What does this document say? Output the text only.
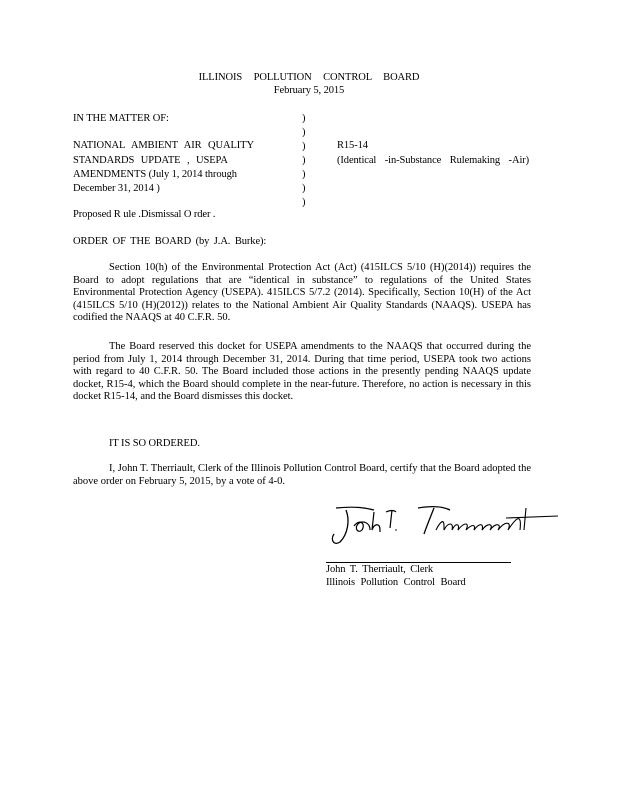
ILLINOIS POLLUTION CONTROL BOARD
February 5, 2015
IN THE MATTER OF:
NATIONAL AMBIENT AIR QUALITY
STANDARDS UPDATE , USEPA
AMENDMENTS (July 1, 2014 through
December 31, 2014 )
)
)
)
)
)
)
)
R15-14
(Identical -in-Substance Rulemaking -Air)
Proposed R ule .Dismissal O rder .
ORDER OF THE BOARD (by J.A. Burke):

Section 10(h) of the Environmental Protection Act (Act) (415ILCS 5/10 (H)(2014)) requires the Board to adopt regulations that are “identical in substance” to regulations of the United States Environmental Protection Agency (USEPA). 415ILCS 5/7.2 (2014). Specifically, Section 10(H) of the Act (415ILCS 5/10 (H)(2012)) relates to the National Ambient Air Quality Standards (NAAQS). USEPA has codified the NAAQS at 40 C.F.R. 50.

The Board reserved this docket for USEPA amendments to the NAAQS that occurred during the period from July 1, 2014 through December 31, 2014. During that time period, USEPA took two actions with regard to 40 C.F.R. 50. The Board included those actions in the presently pending NAAQS update docket, R15-4, which the Board should complete in the near-future. Therefore, no action is necessary in this docket R15-14, and the Board dismisses this docket.

IT IS SO ORDERED.

I, John T. Therriault, Clerk of the Illinois Pollution Control Board, certify that the Board adopted the above order on February 5, 2015, by a vote of 4-0.

John T. Therriault, Clerk
Illinois Pollution Control Board
